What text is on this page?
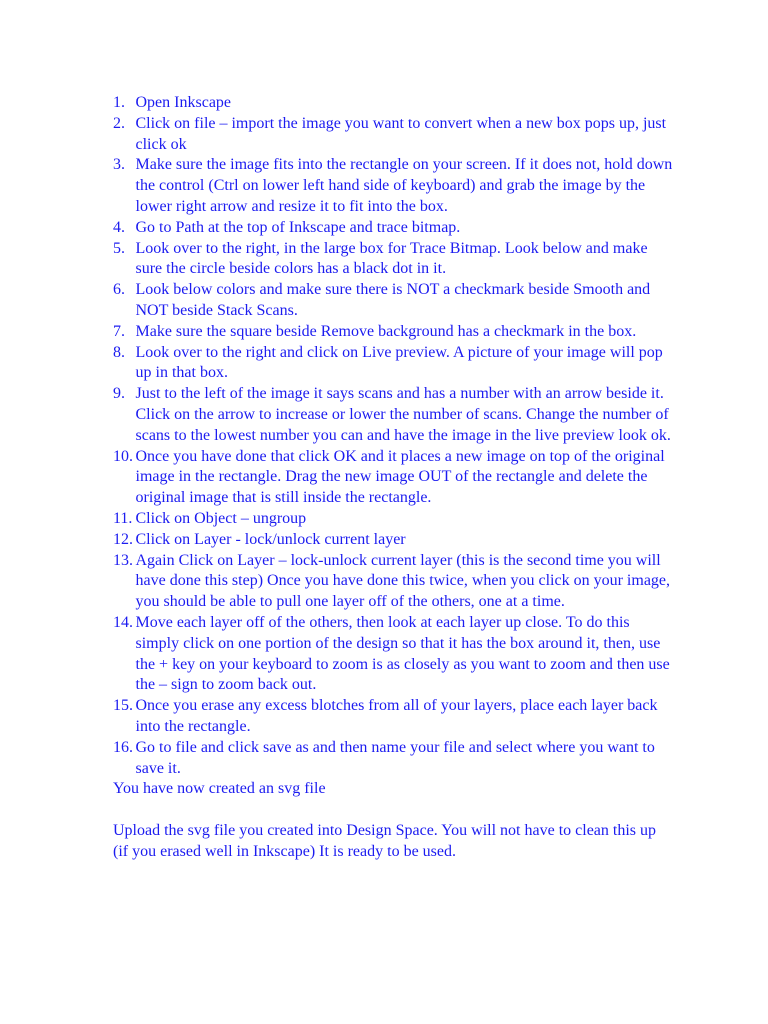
1. Open Inkscape
2. Click on file – import the image you want to convert when a new box pops up, just click ok
3. Make sure the image fits into the rectangle on your screen. If it does not, hold down the control (Ctrl on lower left hand side of keyboard) and grab the image by the lower right arrow and resize it to fit into the box.
4. Go to Path at the top of Inkscape and trace bitmap.
5. Look over to the right, in the large box for Trace Bitmap. Look below and make sure the circle beside colors has a black dot in it.
6. Look below colors and make sure there is NOT a checkmark beside Smooth and NOT beside Stack Scans.
7. Make sure the square beside Remove background has a checkmark in the box.
8. Look over to the right and click on Live preview. A picture of your image will pop up in that box.
9. Just to the left of the image it says scans and has a number with an arrow beside it. Click on the arrow to increase or lower the number of scans. Change the number of scans to the lowest number you can and have the image in the live preview look ok.
10. Once you have done that click OK and it places a new image on top of the original image in the rectangle. Drag the new image OUT of the rectangle and delete the original image that is still inside the rectangle.
11. Click on Object – ungroup
12. Click on Layer - lock/unlock current layer
13. Again Click on Layer – lock-unlock current layer (this is the second time you will have done this step) Once you have done this twice, when you click on your image, you should be able to pull one layer off of the others, one at a time.
14. Move each layer off of the others, then look at each layer up close. To do this simply click on one portion of the design so that it has the box around it, then, use the + key on your keyboard to zoom is as closely as you want to zoom and then use the – sign to zoom back out.
15. Once you erase any excess blotches from all of your layers, place each layer back into the rectangle.
16. Go to file and click save as and then name your file and select where you want to save it.

You have now created an svg file

Upload the svg file you created into Design Space. You will not have to clean this up (if you erased well in Inkscape) It is ready to be used.
